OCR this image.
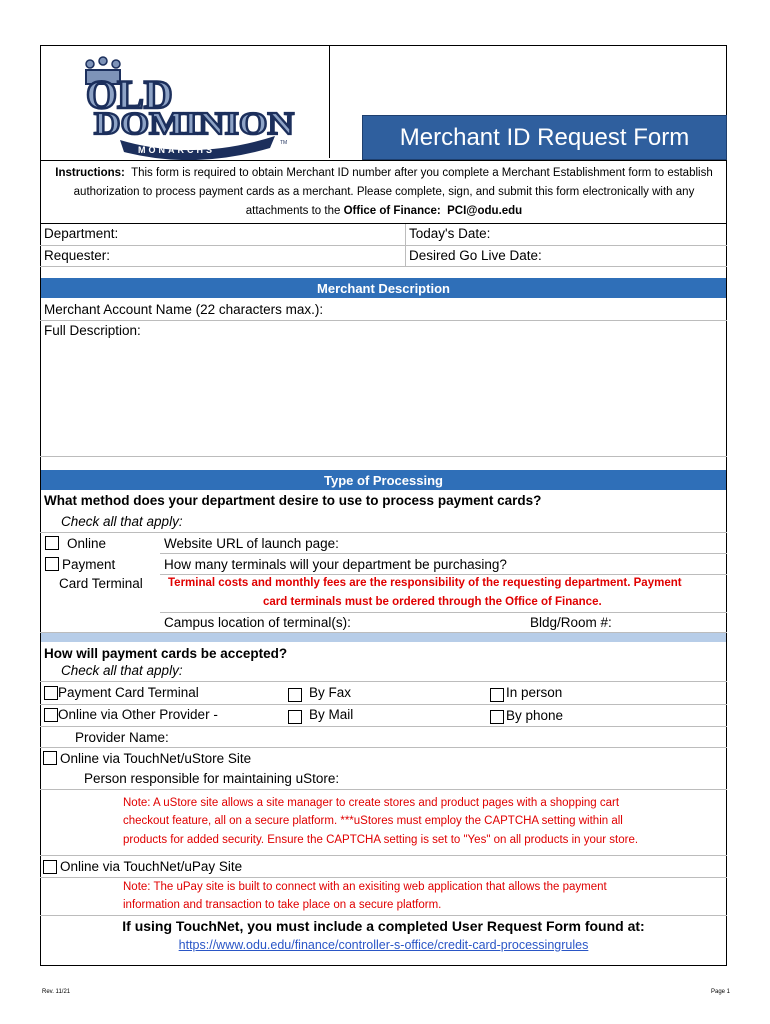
OLD
DOMINION
MONARCHS
TM	Merchant ID Request Form
Instructions: This form is required to obtain Merchant ID number after you complete a Merchant Establishment form to establish authorization to process payment cards as a merchant. Please complete, sign, and submit this form electronically with any attachments to the Office of Finance: PCI@odu.edu
Department:	Today's Date:
Requester:	Desired Go Live Date:
Merchant Description
Merchant Account Name (22 characters max.):
Full Description:
Type of Processing
What method does your department desire to use to process payment cards?
Check all that apply:
Online	Website URL of launch page:
Payment
Card Terminal
How many terminals will your department be purchasing?
Terminal costs and monthly fees are the responsibility of the requesting department. Payment
card terminals must be ordered through the Office of Finance.
Campus location of terminal(s):	Bldg/Room #:
How will payment cards be accepted?
Check all that apply:
Payment Card Terminal	By Fax	In person
Online via Other Provider -	By Mail	By phone
Provider Name:
Online via TouchNet/uStore Site
Person responsible for maintaining uStore:
Note: A uStore site allows a site manager to create stores and product pages with a shopping cart
checkout feature, all on a secure platform. ***uStores must employ the CAPTCHA setting within all
products for added security. Ensure the CAPTCHA setting is set to "Yes" on all products in your store.
Online via TouchNet/uPay Site
Note: The uPay site is built to connect with an exisiting web application that allows the payment
information and transaction to take place on a secure platform.
If using TouchNet, you must include a completed User Request Form found at:
https://www.odu.edu/finance/controller-s-office/credit-card-processingrules
Rev. 11/21	Page 1
